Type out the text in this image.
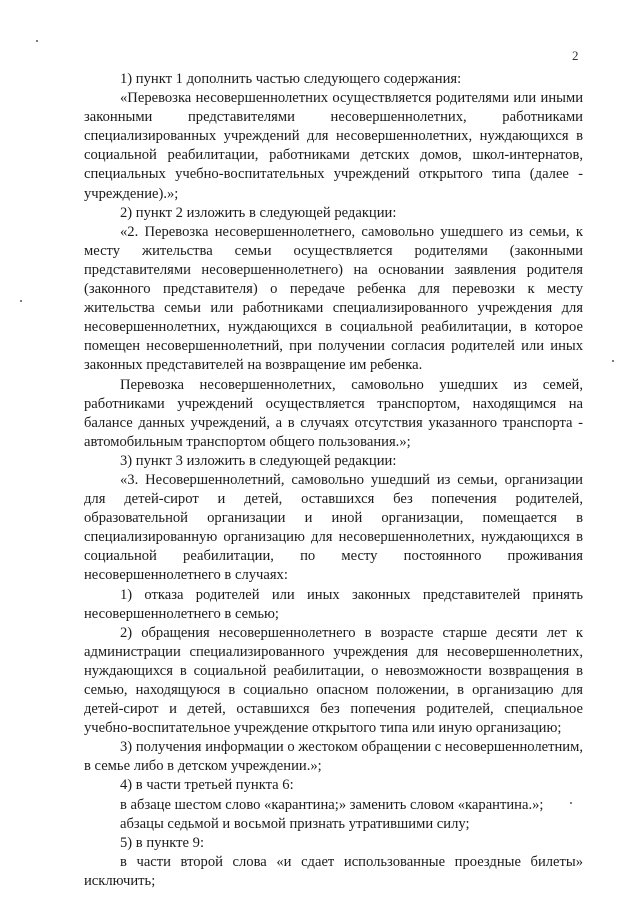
2

1) пункт 1 дополнить частью следующего содержания:

«Перевозка несовершеннолетних осуществляется родителями или иными законными представителями несовершеннолетних, работниками специализированных учреждений для несовершеннолетних, нуждающихся в социальной реабилитации, работниками детских домов, школ-интернатов, специальных учебно-воспитательных учреждений открытого типа (далее - учреждение).»;

2) пункт 2 изложить в следующей редакции:

«2. Перевозка несовершеннолетнего, самовольно ушедшего из семьи, к месту жительства семьи осуществляется родителями (законными представителями несовершеннолетнего) на основании заявления родителя (законного представителя) о передаче ребенка для перевозки к месту жительства семьи или работниками специализированного учреждения для несовершеннолетних, нуждающихся в социальной реабилитации, в которое помещен несовершеннолетний, при получении согласия родителей или иных законных представителей на возвращение им ребенка.

Перевозка несовершеннолетних, самовольно ушедших из семей, работниками учреждений осуществляется транспортом, находящимся на балансе данных учреждений, а в случаях отсутствия указанного транспорта - автомобильным транспортом общего пользования.»;

3) пункт 3 изложить в следующей редакции:

«3. Несовершеннолетний, самовольно ушедший из семьи, организации для детей-сирот и детей, оставшихся без попечения родителей, образовательной организации и иной организации, помещается в специализированную организацию для несовершеннолетних, нуждающихся в социальной реабилитации, по месту постоянного проживания несовершеннолетнего в случаях:

1) отказа родителей или иных законных представителей принять несовершеннолетнего в семью;

2) обращения несовершеннолетнего в возрасте старше десяти лет к администрации специализированного учреждения для несовершеннолетних, нуждающихся в социальной реабилитации, о невозможности возвращения в семью, находящуюся в социально опасном положении, в организацию для детей-сирот и детей, оставшихся без попечения родителей, специальное учебно-воспитательное учреждение открытого типа или иную организацию;

3) получения информации о жестоком обращении с несовершеннолетним, в семье либо в детском учреждении.»;

4) в части третьей пункта 6:

в абзаце шестом слово «карантина;» заменить словом «карантина.»;

абзацы седьмой и восьмой признать утратившими силу;

5) в пункте 9:

в части второй слова «и сдает использованные проездные билеты» исключить;
